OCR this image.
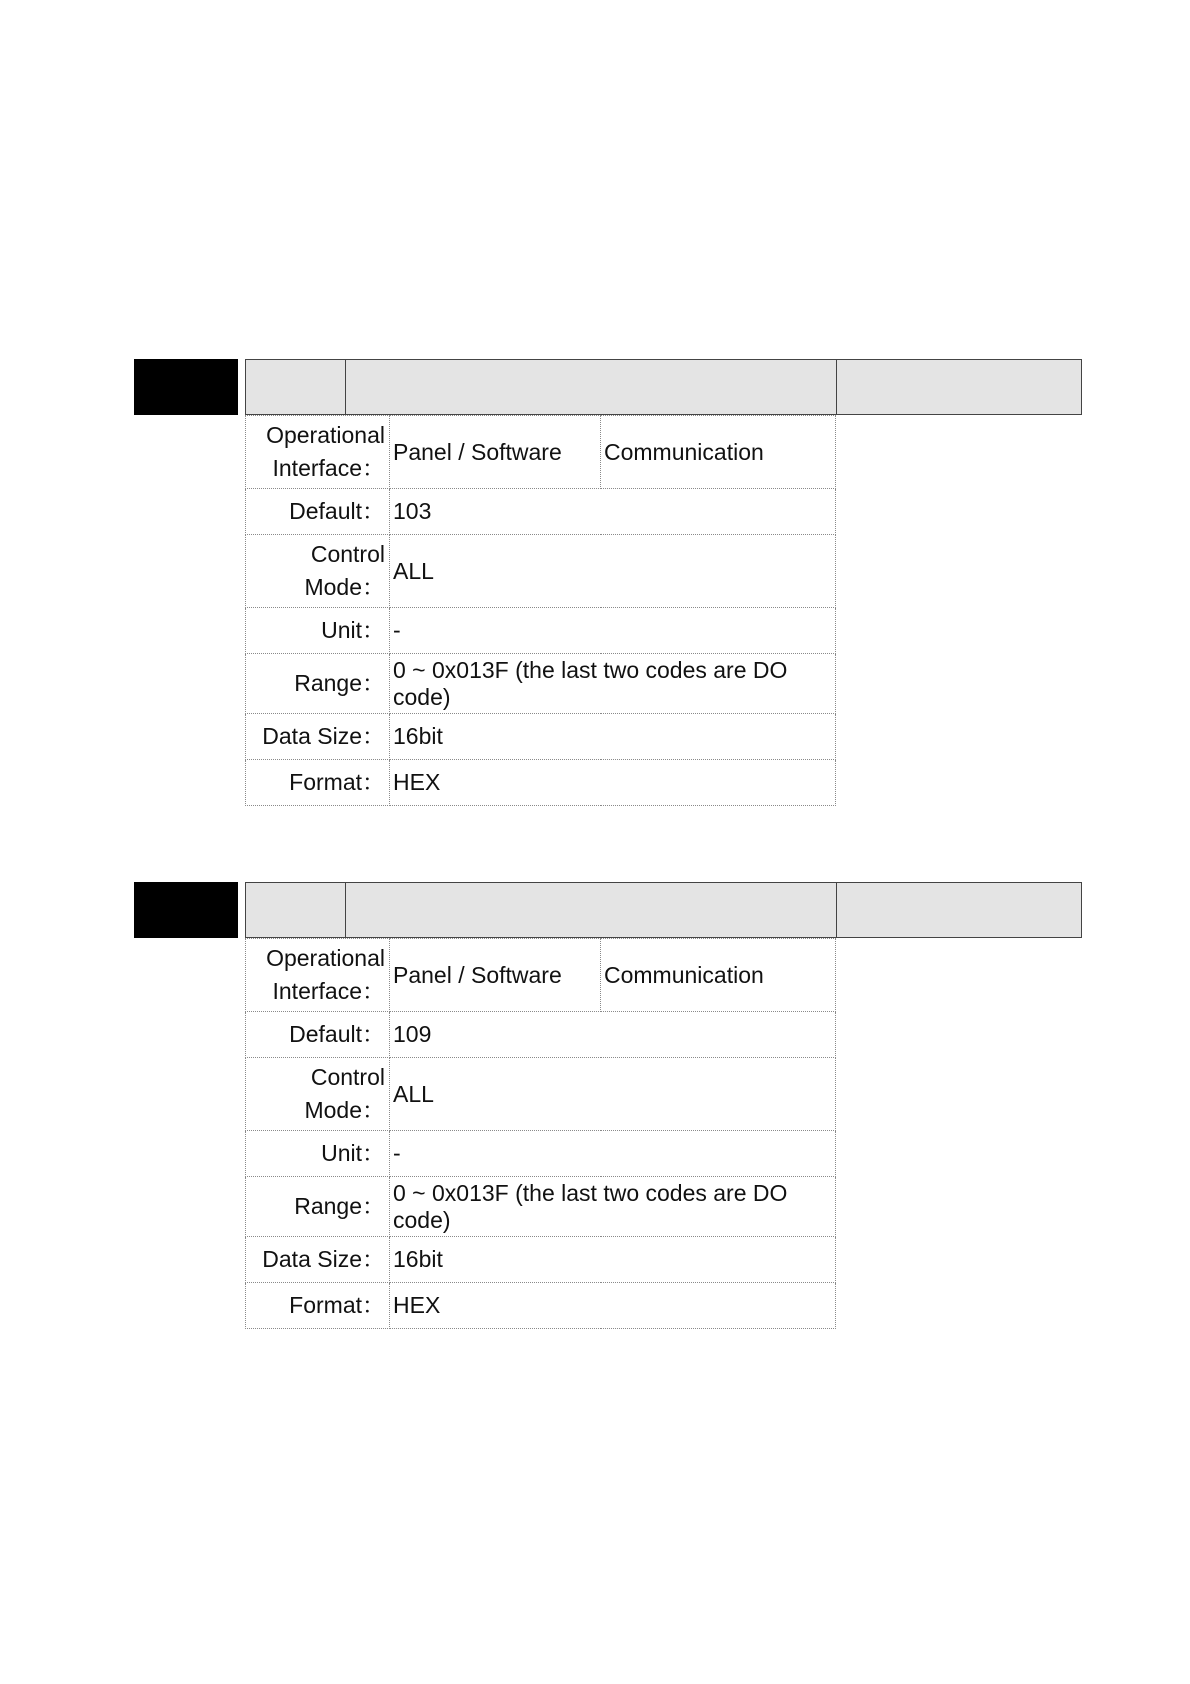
Operational
Interface：	Panel / Software	Communication
Default：	103	
Control
Mode：	ALL	
Unit：	-	
Range：	0 ~ 0x013F (the last two codes are DO code)	
Data Size：	16bit	
Format：	HEX	
Operational
Interface：	Panel / Software	Communication
Default：	109	
Control
Mode：	ALL	
Unit：	-	
Range：	0 ~ 0x013F (the last two codes are DO code)	
Data Size：	16bit	
Format：	HEX	
